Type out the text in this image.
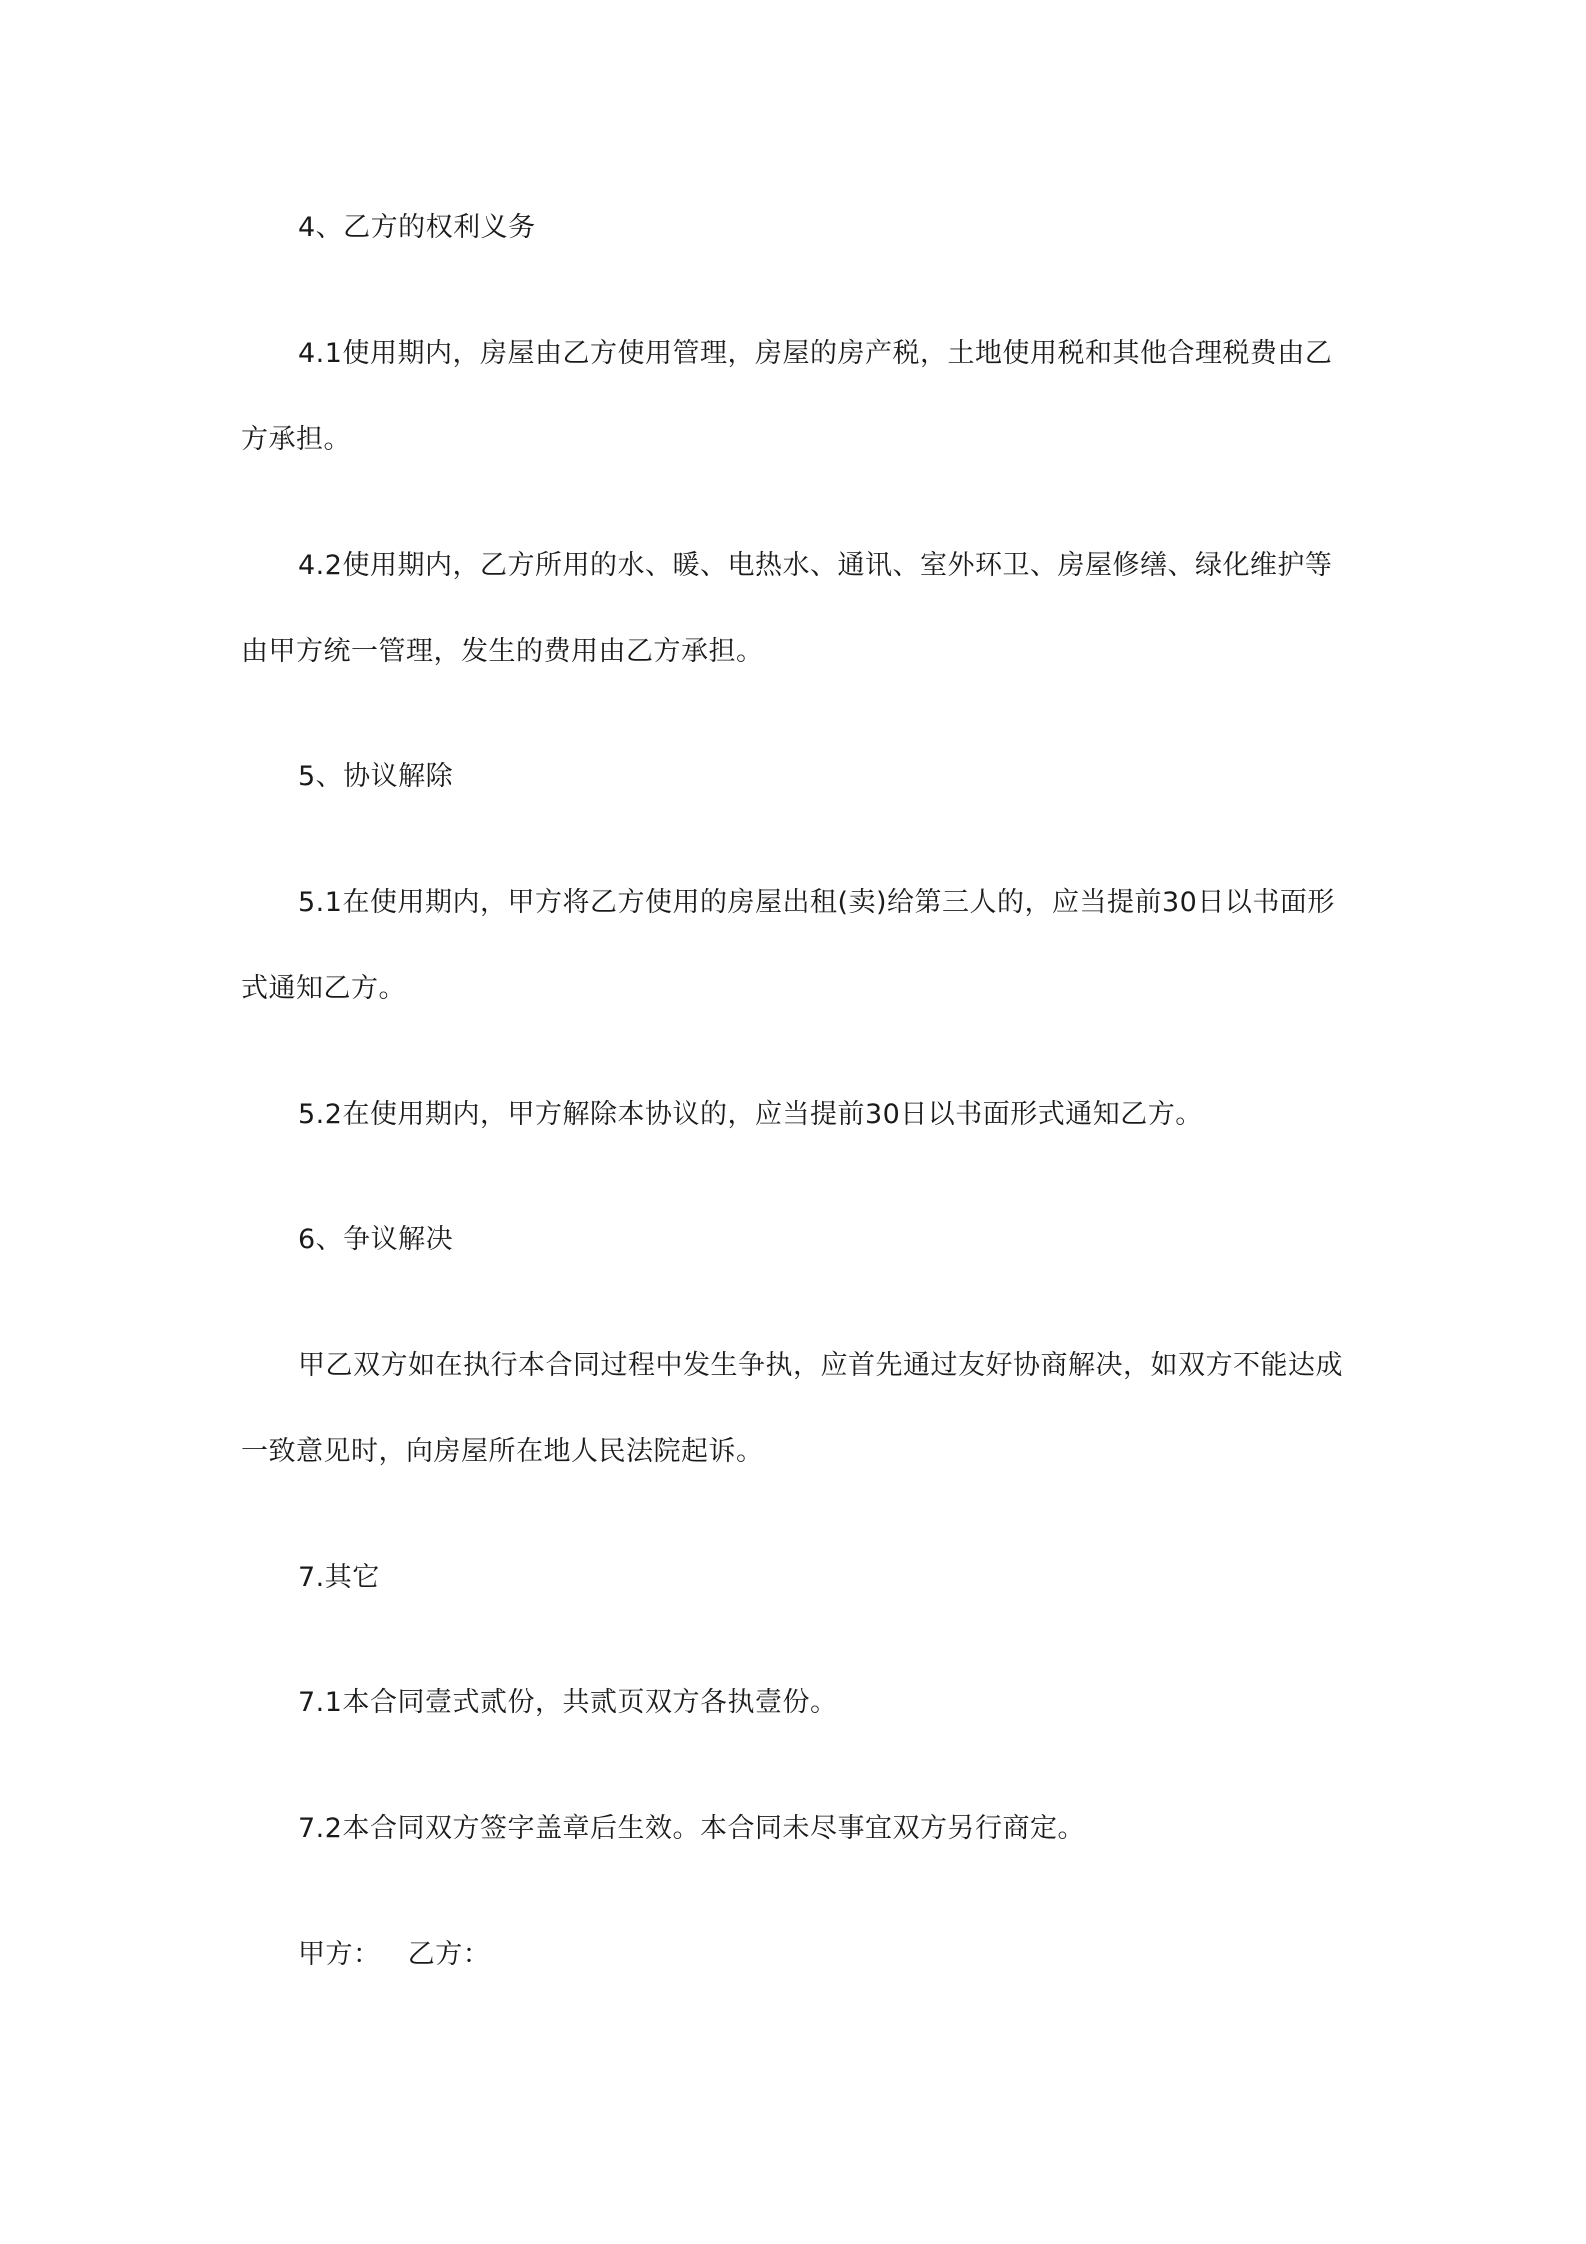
4、乙方的权利义务
4.1使用期内，房屋由乙方使用管理，房屋的房产税，土地使用税和其他合理税费由乙
方承担。
4.2使用期内，乙方所用的水、暖、电热水、通讯、室外环卫、房屋修缮、绿化维护等
由甲方统一管理，发生的费用由乙方承担。
5、协议解除
5.1在使用期内，甲方将乙方使用的房屋出租(卖)给第三人的，应当提前30日以书面形
式通知乙方。
5.2在使用期内，甲方解除本协议的，应当提前30日以书面形式通知乙方。
6、争议解决
甲乙双方如在执行本合同过程中发生争执，应首先通过友好协商解决，如双方不能达成
一致意见时，向房屋所在地人民法院起诉。
7.其它
7.1本合同壹式贰份，共贰页双方各执壹份。
7.2本合同双方签字盖章后生效。本合同未尽事宜双方另行商定。
甲方：   乙方：
